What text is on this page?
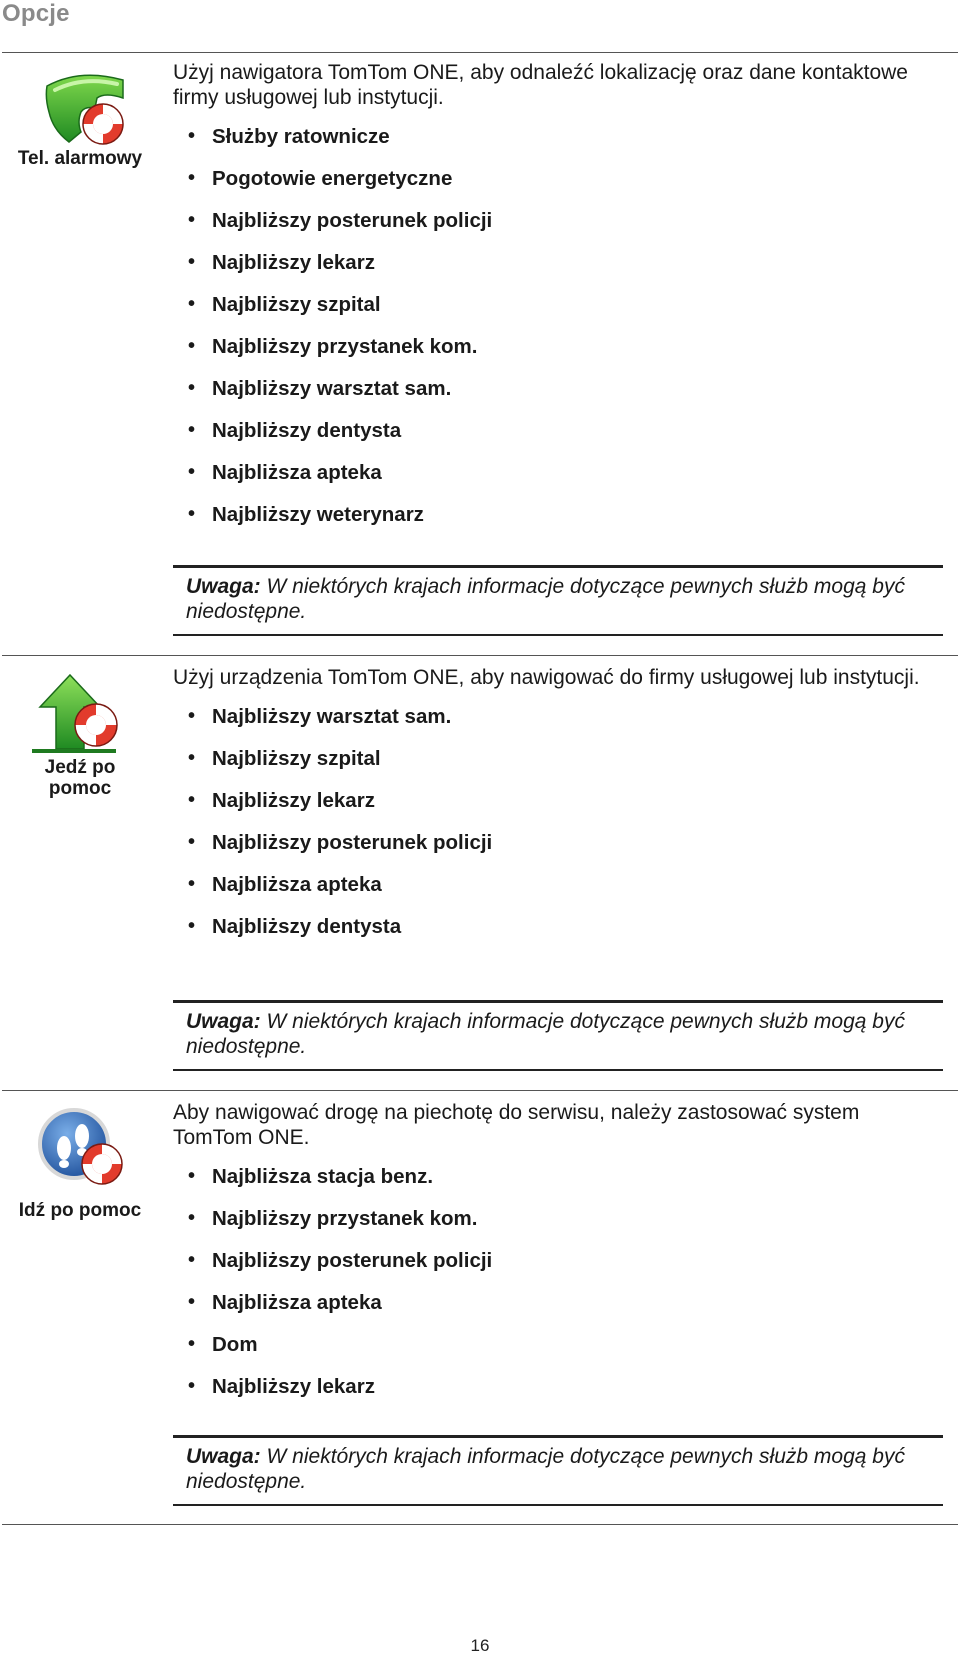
Opcje
Tel. alarmowy

Użyj nawigatora TomTom ONE, aby odnaleźć lokalizację oraz dane kontaktowe firmy usługowej lub instytucji.

• Służby ratownicze
• Pogotowie energetyczne
• Najbliższy posterunek policji
• Najbliższy lekarz
• Najbliższy szpital
• Najbliższy przystanek kom.
• Najbliższy warsztat sam.
• Najbliższy dentysta
• Najbliższa apteka
• Najbliższy weterynarz

Uwaga: W niektórych krajach informacje dotyczące pewnych służb mogą być niedostępne.

Jedź po pomoc

Użyj urządzenia TomTom ONE, aby nawigować do firmy usługowej lub instytucji.

• Najbliższy warsztat sam.
• Najbliższy szpital
• Najbliższy lekarz
• Najbliższy posterunek policji
• Najbliższa apteka
• Najbliższy dentysta

Uwaga: W niektórych krajach informacje dotyczące pewnych służb mogą być niedostępne.

Idź po pomoc

Aby nawigować drogę na piechotę do serwisu, należy zastosować system TomTom ONE.

• Najbliższa stacja benz.
• Najbliższy przystanek kom.
• Najbliższy posterunek policji
• Najbliższa apteka
• Dom
• Najbliższy lekarz

Uwaga: W niektórych krajach informacje dotyczące pewnych służb mogą być niedostępne.

16
